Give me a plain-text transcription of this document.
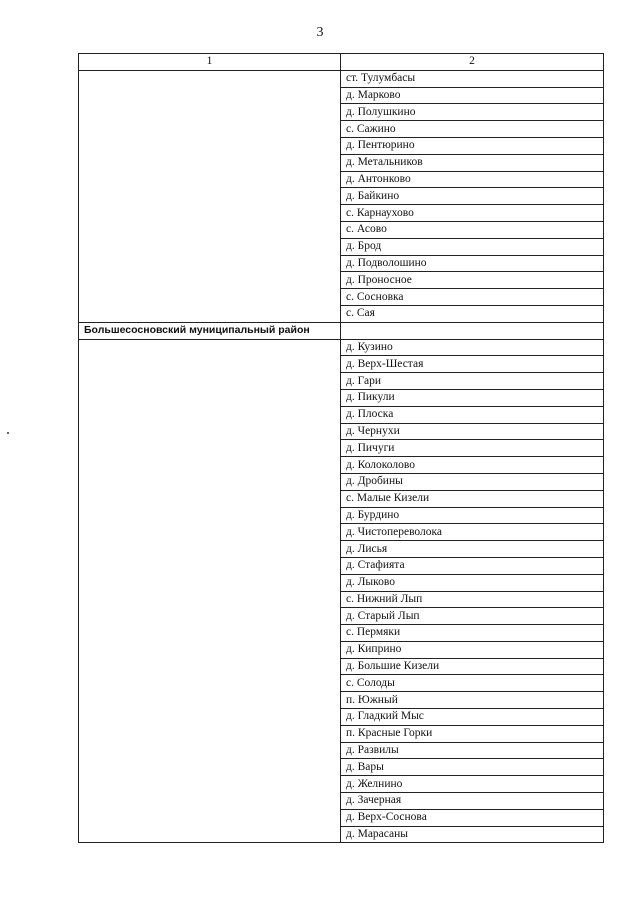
3
1	2
	ст. Тулумбасы
	д. Марково
	д. Полушкино
	с. Сажино
	д. Пентюрино
	д. Метальников
	д. Антонково
	д. Байкино
	с. Карнаухово
	с. Асово
	д. Брод
	д. Подволошино
	д. Проносное
	с. Сосновка
	с. Сая
Большесосновский муниципальный район	
	д. Кузино
	д. Верх-Шестая
	д. Гари
	д. Пикули
	д. Плоска
	д. Чернухи
	д. Пичуги
	д. Колоколово
	д. Дробины
	с. Малые Кизели
	д. Бурдино
	д. Чистопереволока
	д. Лисья
	д. Стафията
	д. Лыково
	с. Нижний Лып
	д. Старый Лып
	с. Пермяки
	д. Киприно
	д. Большие Кизели
	с. Солоды
	п. Южный
	д. Гладкий Мыс
	п. Красные Горки
	д. Развилы
	д. Вары
	д. Желнино
	д. Зачерная
	д. Верх-Соснова
	д. Марасаны
